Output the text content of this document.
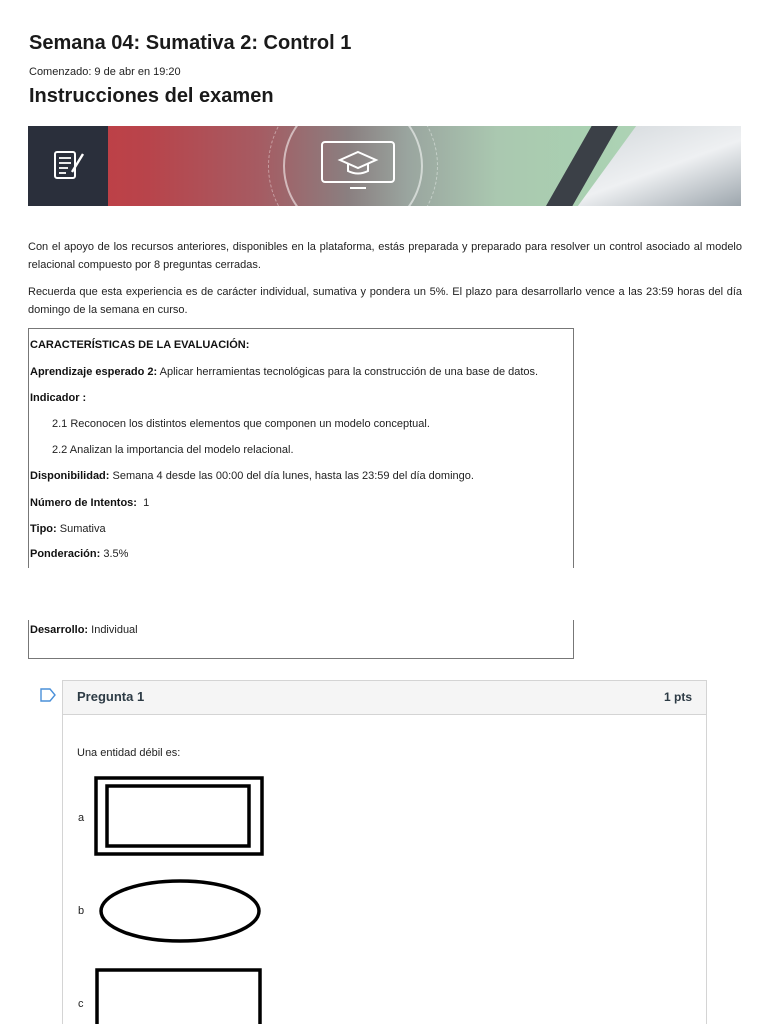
Semana 04: Sumativa 2: Control 1
Comenzado: 9 de abr en 19:20
Instrucciones del examen
Con el apoyo de los recursos anteriores, disponibles en la plataforma, estás preparada y preparado para resolver un control asociado al modelo relacional compuesto por 8 preguntas cerradas.
Recuerda que esta experiencia es de carácter individual, sumativa y pondera un 5%. El plazo para desarrollarlo vence a las 23:59 horas del día domingo de la semana en curso.
CARACTERÍSTICAS DE LA EVALUACIÓN:
Aprendizaje esperado 2: Aplicar herramientas tecnológicas para la construcción de una base de datos.
Indicador :
2.1 Reconocen los distintos elementos que componen un modelo conceptual.
2.2 Analizan la importancia del modelo relacional.
Disponibilidad: Semana 4 desde las 00:00 del día lunes, hasta las 23:59 del día domingo.
Número de Intentos: 1
Tipo: Sumativa
Ponderación: 3.5%
Desarrollo: Individual
Pregunta 1	1 pts
Una entidad débil es:
a
b
c
